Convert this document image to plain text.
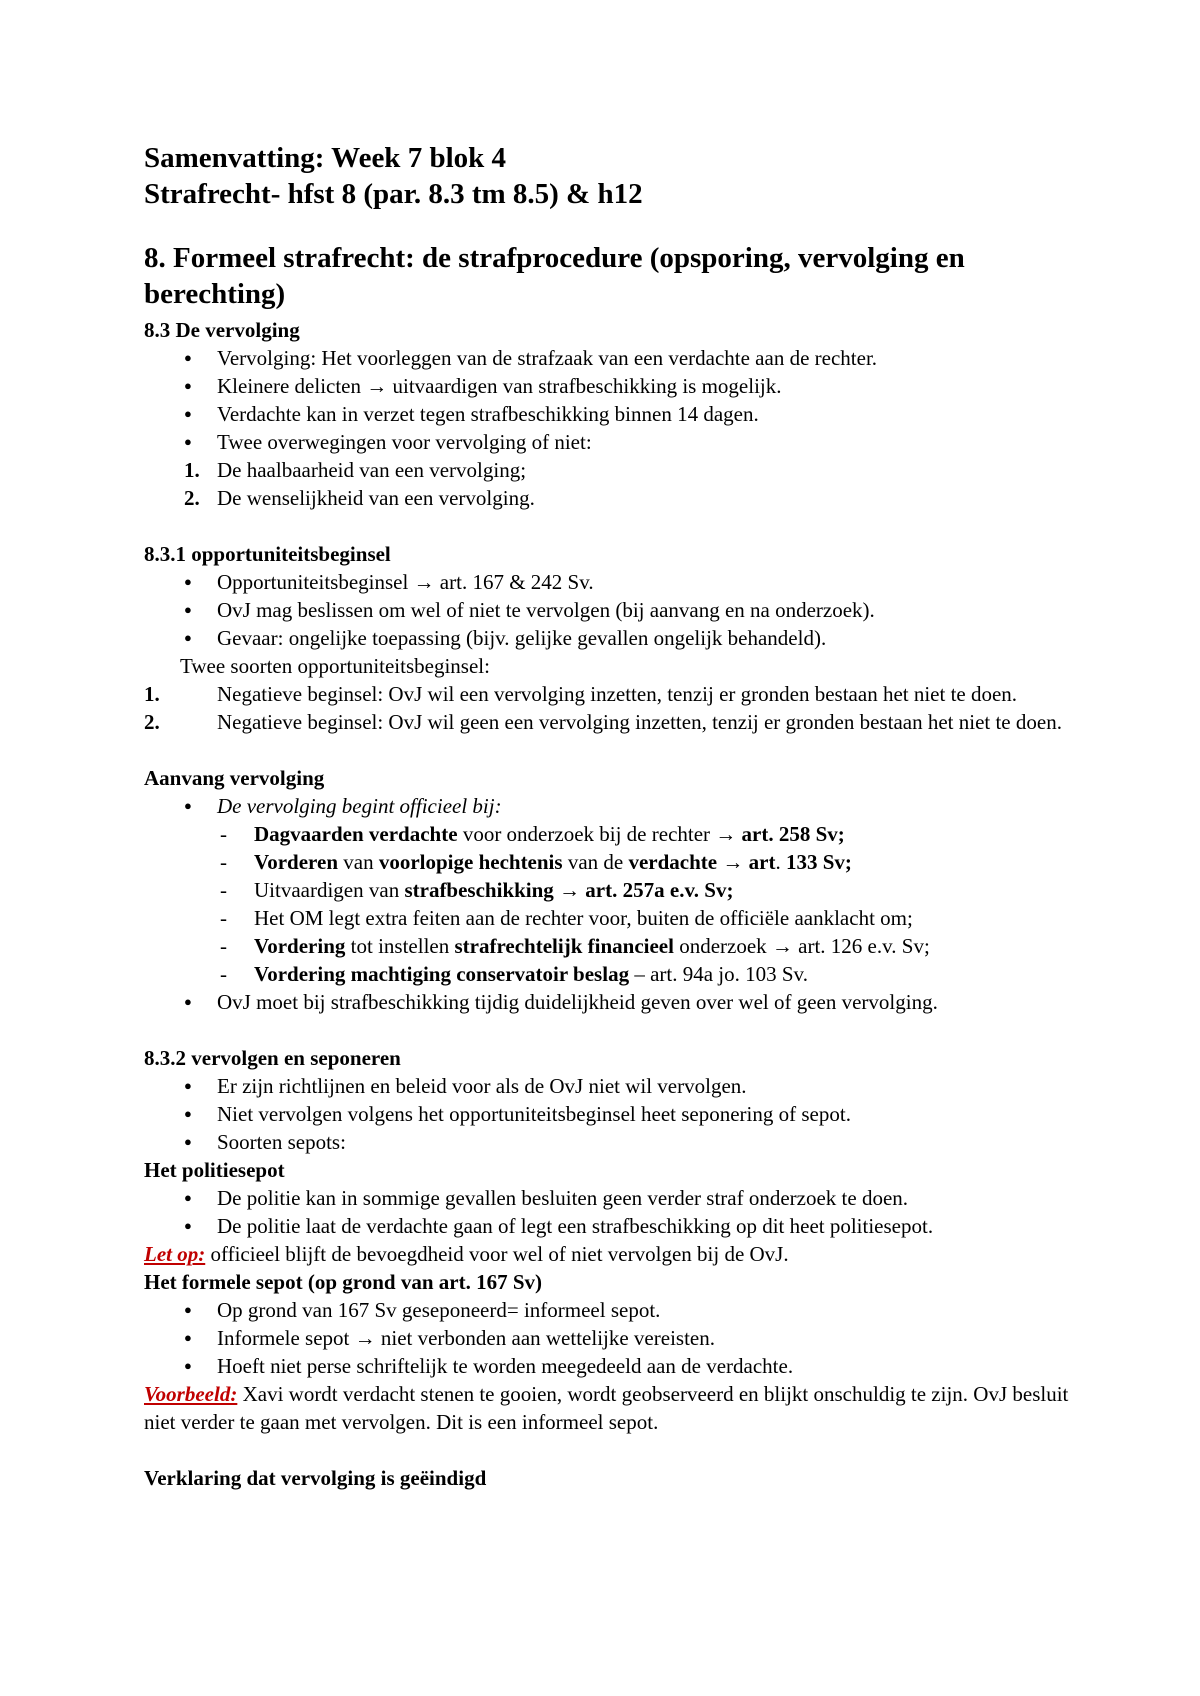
Samenvatting: Week 7 blok 4
Strafrecht- hfst 8 (par. 8.3 tm 8.5) & h12
8. Formeel strafrecht: de strafprocedure (opsporing, vervolging en berechting)
8.3 De vervolging
● Vervolging: Het voorleggen van de strafzaak van een verdachte aan de rechter.
● Kleinere delicten → uitvaardigen van strafbeschikking is mogelijk.
● Verdachte kan in verzet tegen strafbeschikking binnen 14 dagen.
● Twee overwegingen voor vervolging of niet:
1. De haalbaarheid van een vervolging;
2. De wenselijkheid van een vervolging.
8.3.1 opportuniteitsbeginsel
● Opportuniteitsbeginsel → art. 167 & 242 Sv.
● OvJ mag beslissen om wel of niet te vervolgen (bij aanvang en na onderzoek).
● Gevaar: ongelijke toepassing (bijv. gelijke gevallen ongelijk behandeld).
Twee soorten opportuniteitsbeginsel:
1.	Negatieve beginsel: OvJ wil een vervolging inzetten, tenzij er gronden bestaan het niet te doen.
2.	Negatieve beginsel: OvJ wil geen een vervolging inzetten, tenzij er gronden bestaan het niet te doen.
Aanvang vervolging
● De vervolging begint officieel bij:
- Dagvaarden verdachte voor onderzoek bij de rechter → art. 258 Sv;
- Vorderen van voorlopige hechtenis van de verdachte → art. 133 Sv;
- Uitvaardigen van strafbeschikking → art. 257a e.v. Sv;
- Het OM legt extra feiten aan de rechter voor, buiten de officiële aanklacht om;
- Vordering tot instellen strafrechtelijk financieel onderzoek → art. 126 e.v. Sv;
- Vordering machtiging conservatoir beslag – art. 94a jo. 103 Sv.
● OvJ moet bij strafbeschikking tijdig duidelijkheid geven over wel of geen vervolging.
8.3.2 vervolgen en seponeren
● Er zijn richtlijnen en beleid voor als de OvJ niet wil vervolgen.
● Niet vervolgen volgens het opportuniteitsbeginsel heet seponering of sepot.
● Soorten sepots:
Het politiesepot
● De politie kan in sommige gevallen besluiten geen verder straf onderzoek te doen.
● De politie laat de verdachte gaan of legt een strafbeschikking op dit heet politiesepot.
Let op: officieel blijft de bevoegdheid voor wel of niet vervolgen bij de OvJ.
Het formele sepot (op grond van art. 167 Sv)
● Op grond van 167 Sv geseponeerd= informeel sepot.
● Informele sepot → niet verbonden aan wettelijke vereisten.
● Hoeft niet perse schriftelijk te worden meegedeeld aan de verdachte.
Voorbeeld: Xavi wordt verdacht stenen te gooien, wordt geobserveerd en blijkt onschuldig te zijn. OvJ besluit niet verder te gaan met vervolgen. Dit is een informeel sepot.
Verklaring dat vervolging is geëindigd
